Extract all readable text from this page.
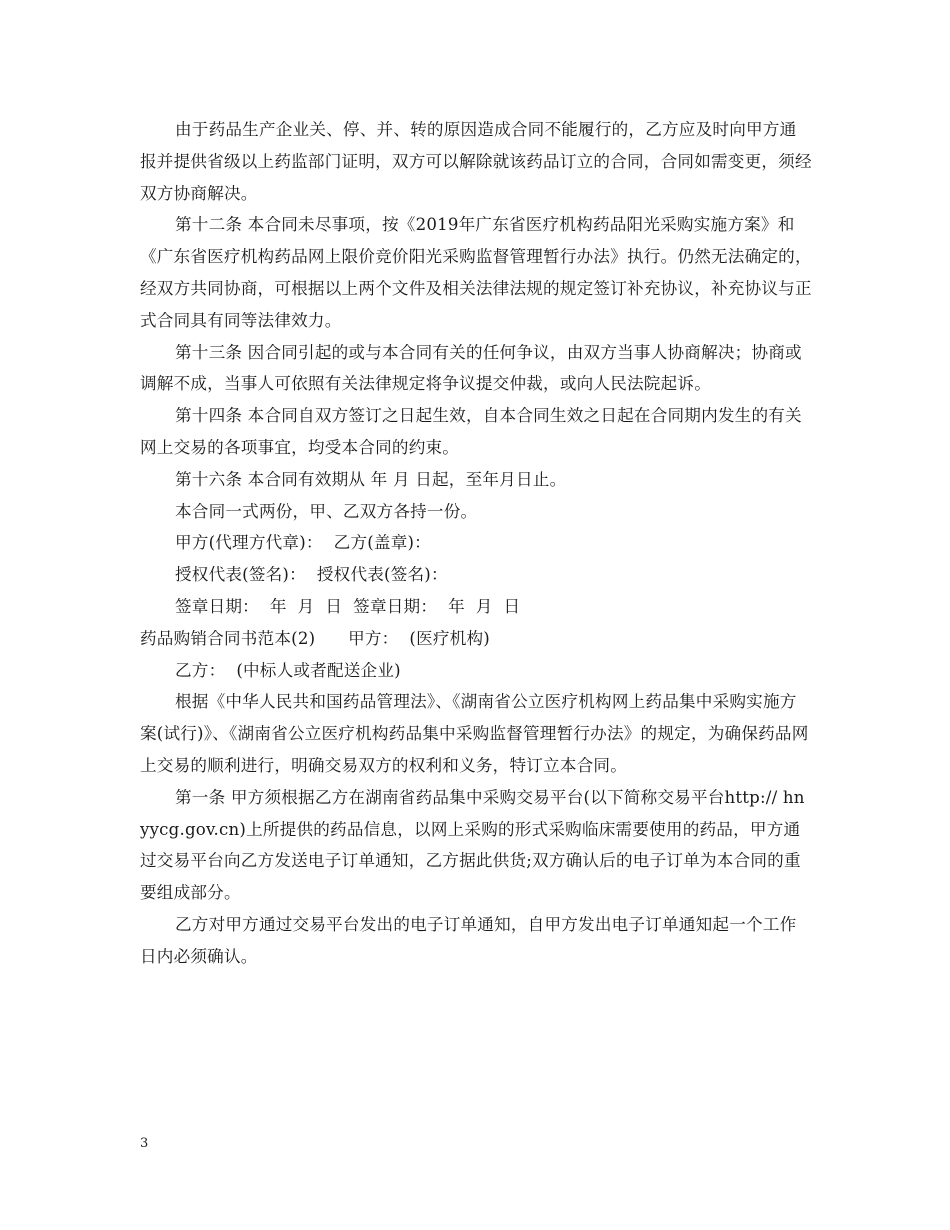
由于药品生产企业关、停、并、转的原因造成合同不能履行的，乙方应及时向甲方通报并提供省级以上药监部门证明，双方可以解除就该药品订立的合同，合同如需变更，须经双方协商解决。

第十二条 本合同未尽事项，按《2019年广东省医疗机构药品阳光采购实施方案》和《广东省医疗机构药品网上限价竞价阳光采购监督管理暂行办法》执行。仍然无法确定的，经双方共同协商，可根据以上两个文件及相关法律法规的规定签订补充协议，补充协议与正式合同具有同等法律效力。

第十三条 因合同引起的或与本合同有关的任何争议，由双方当事人协商解决；协商或调解不成，当事人可依照有关法律规定将争议提交仲裁，或向人民法院起诉。

第十四条 本合同自双方签订之日起生效，自本合同生效之日起在合同期内发生的有关网上交易的各项事宜，均受本合同的约束。

第十六条 本合同有效期从 年 月 日起，至年月日止。

本合同一式两份，甲、乙双方各持一份。

甲方(代理方代章)：  乙方(盖章)：

授权代表(签名)：  授权代表(签名)：

签章日期：  年  月  日  签章日期：  年  月  日

药品购销合同书范本(2)      甲方：  (医疗机构)

乙方：  (中标人或者配送企业)

根据《中华人民共和国药品管理法》、《湖南省公立医疗机构网上药品集中采购实施方案(试行)》、《湖南省公立医疗机构药品集中采购监督管理暂行办法》的规定，为确保药品网上交易的顺利进行，明确交易双方的权利和义务，特订立本合同。

第一条 甲方须根据乙方在湖南省药品集中采购交易平台(以下简称交易平台http:// hnyycg.gov.cn)上所提供的药品信息，以网上采购的形式采购临床需要使用的药品，甲方通过交易平台向乙方发送电子订单通知，乙方据此供货;双方确认后的电子订单为本合同的重要组成部分。

乙方对甲方通过交易平台发出的电子订单通知，自甲方发出电子订单通知起一个工作日内必须确认。

3
